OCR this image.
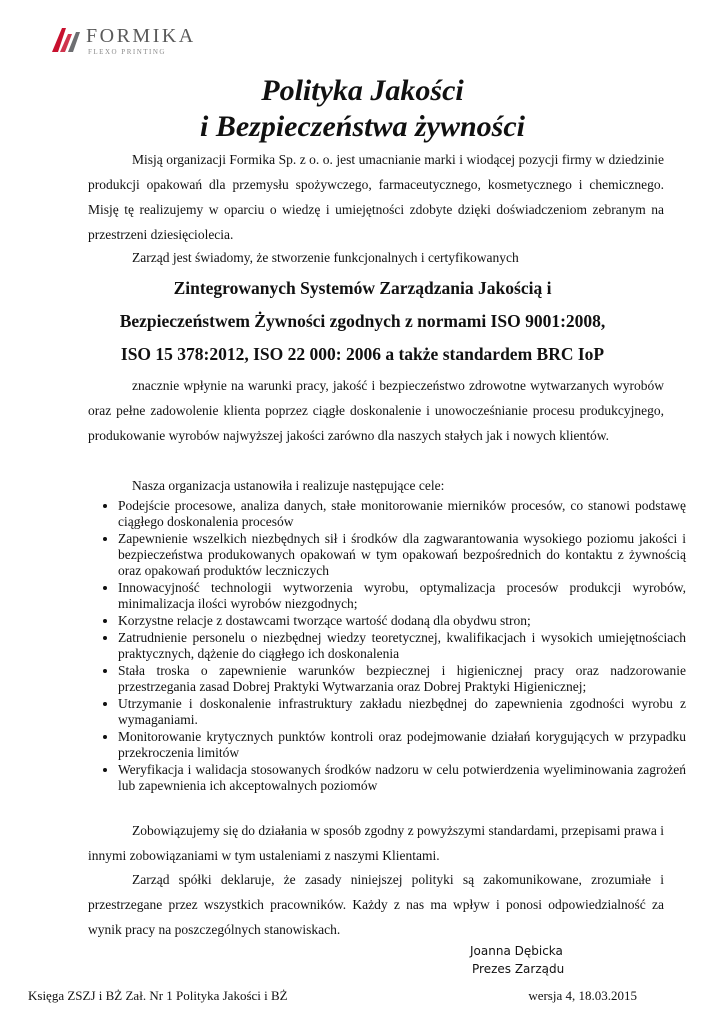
FORMIKA
FLEXO PRINTING
Polityka Jakości
i Bezpieczeństwa żywności

Misją organizacji Formika Sp. z o. o. jest umacnianie marki i wiodącej pozycji firmy w dziedzinie produkcji opakowań dla przemysłu spożywczego, farmaceutycznego, kosmetycznego i chemicznego. Misję tę realizujemy w oparciu o wiedzę i umiejętności zdobyte dzięki doświadczeniom zebranym na przestrzeni dziesięciolecia.

Zarząd jest świadomy, że stworzenie funkcjonalnych i certyfikowanych

Zintegrowanych Systemów Zarządzania Jakością i
Bezpieczeństwem Żywności zgodnych z normami ISO 9001:2008,
ISO 15 378:2012, ISO 22 000: 2006 a także standardem BRC IoP

znacznie wpłynie na warunki pracy, jakość i bezpieczeństwo zdrowotne wytwarzanych wyrobów oraz pełne zadowolenie klienta poprzez ciągłe doskonalenie i unowocześnianie procesu produkcyjnego, produkowanie wyrobów najwyższej jakości zarówno dla naszych stałych jak i nowych klientów.

Nasza organizacja ustanowiła i realizuje następujące cele:

• Podejście procesowe, analiza danych, stałe monitorowanie mierników procesów, co stanowi podstawę ciągłego doskonalenia procesów
• Zapewnienie wszelkich niezbędnych sił i środków dla zagwarantowania wysokiego poziomu jakości i bezpieczeństwa produkowanych opakowań w tym opakowań bezpośrednich do kontaktu z żywnością oraz opakowań produktów leczniczych
• Innowacyjność technologii wytworzenia wyrobu, optymalizacja procesów produkcji wyrobów, minimalizacja ilości wyrobów niezgodnych;
• Korzystne relacje z dostawcami tworzące wartość dodaną dla obydwu stron;
• Zatrudnienie personelu o niezbędnej wiedzy teoretycznej, kwalifikacjach i wysokich umiejętnościach praktycznych, dążenie do ciągłego ich doskonalenia
• Stała troska o zapewnienie warunków bezpiecznej i higienicznej pracy oraz nadzorowanie przestrzegania zasad Dobrej Praktyki Wytwarzania oraz Dobrej Praktyki Higienicznej;
• Utrzymanie i doskonalenie infrastruktury zakładu niezbędnej do zapewnienia zgodności wyrobu z wymaganiami.
• Monitorowanie krytycznych punktów kontroli oraz podejmowanie działań korygujących w przypadku przekroczenia limitów
• Weryfikacja i walidacja stosowanych środków nadzoru w celu potwierdzenia wyeliminowania zagrożeń lub zapewnienia ich akceptowalnych poziomów

Zobowiązujemy się do działania w sposób zgodny z powyższymi standardami, przepisami prawa i innymi zobowiązaniami w tym ustaleniami z naszymi Klientami.

Zarząd spółki deklaruje, że zasady niniejszej polityki są zakomunikowane, zrozumiałe i przestrzegane przez wszystkich pracowników. Każdy z nas ma wpływ i ponosi odpowiedzialność za wynik pracy na poszczególnych stanowiskach.

Joanna Dębicka
Prezes Zarządu
Księga ZSZJ i BŻ Zał. Nr 1 Polityka Jakości i BŻ	wersja 4, 18.03.2015
